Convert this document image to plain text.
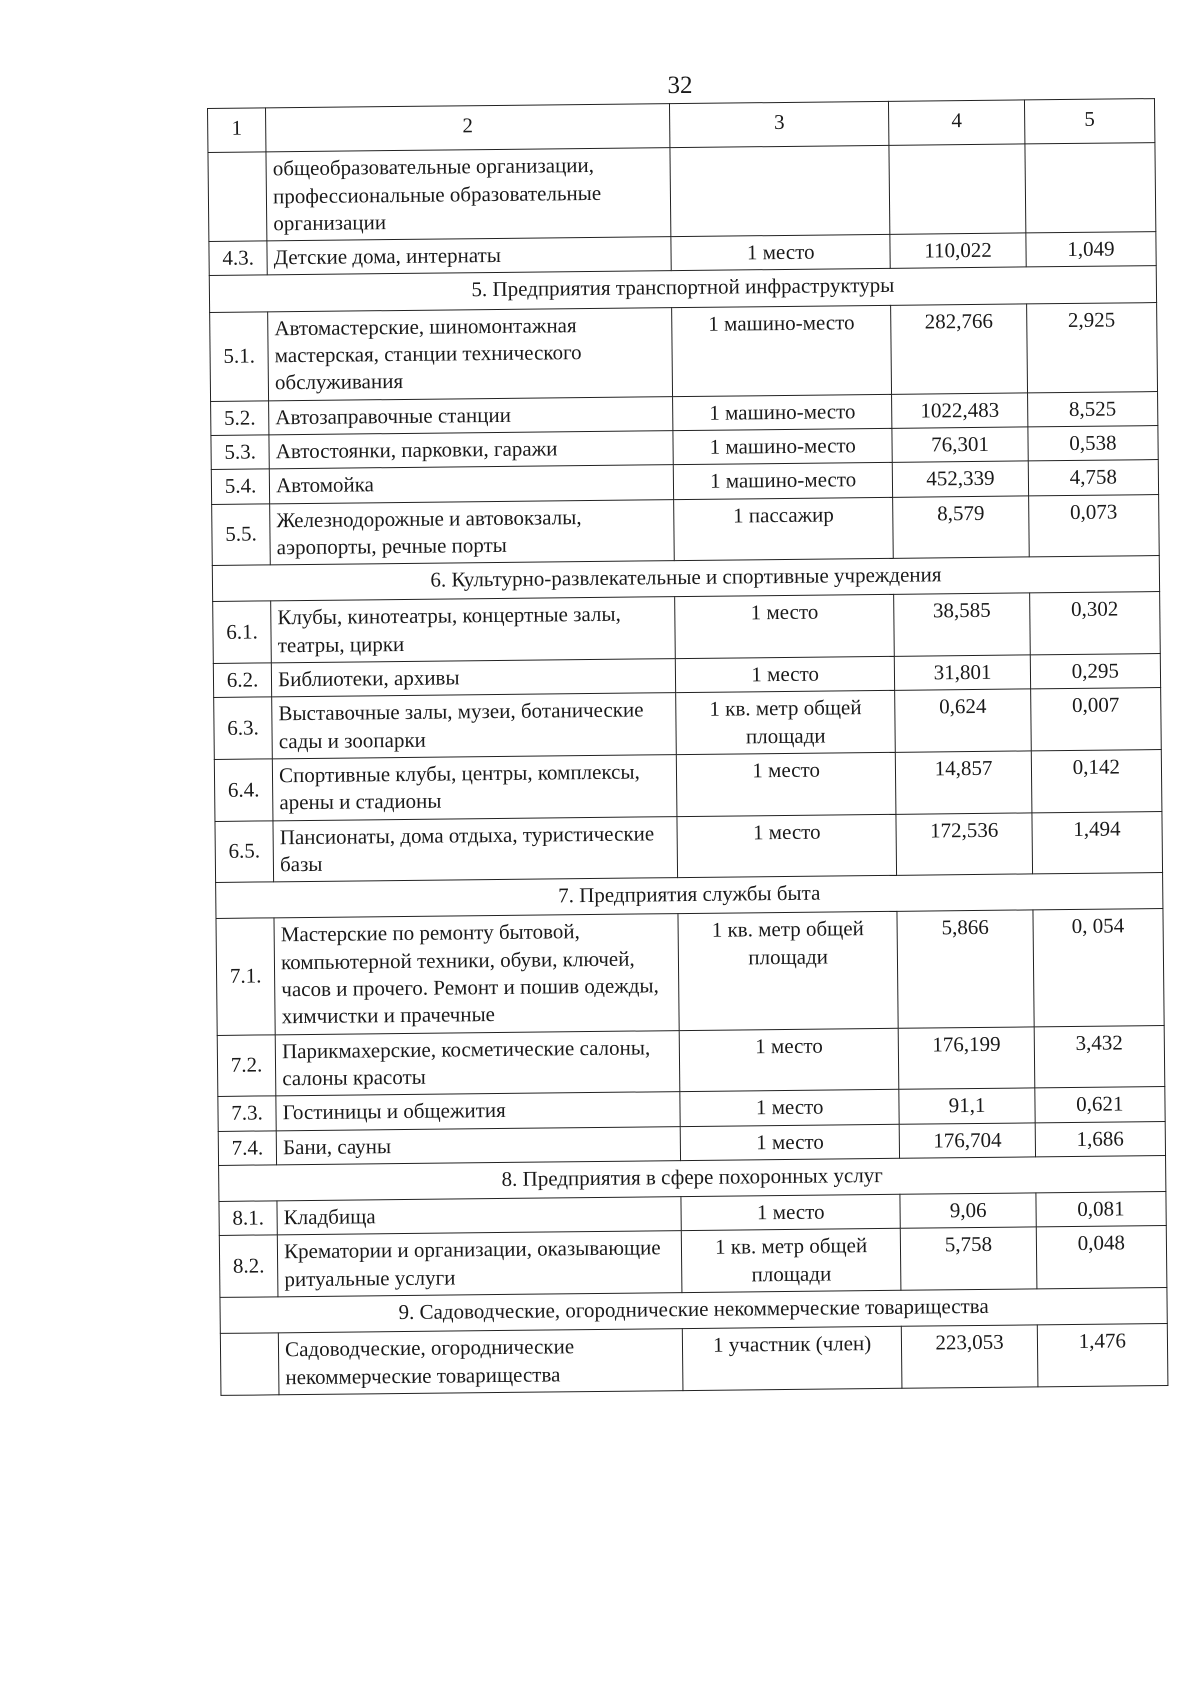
32
1	2	3	4	5
	общеобразовательные организации, профессиональные образовательные организации			
4.3.	Детские дома, интернаты	1 место	110,022	1,049
5. Предприятия транспортной инфраструктуры				
5.1.	Автомастерские, шиномонтажная мастерская, станции технического обслуживания	1 машино-место	282,766	2,925
5.2.	Автозаправочные станции	1 машино-место	1022,483	8,525
5.3.	Автостоянки, парковки, гаражи	1 машино-место	76,301	0,538
5.4.	Автомойка	1 машино-место	452,339	4,758
5.5.	Железнодорожные и автовокзалы, аэропорты, речные порты	1 пассажир	8,579	0,073
6. Культурно-развлекательные и спортивные учреждения				
6.1.	Клубы, кинотеатры, концертные залы, театры, цирки	1 место	38,585	0,302
6.2.	Библиотеки, архивы	1 место	31,801	0,295
6.3.	Выставочные залы, музеи, ботанические сады и зоопарки	1 кв. метр общей площади	0,624	0,007
6.4.	Спортивные клубы, центры, комплексы, арены и стадионы	1 место	14,857	0,142
6.5.	Пансионаты, дома отдыха, туристические базы	1 место	172,536	1,494
7. Предприятия службы быта				
7.1.	Мастерские по ремонту бытовой, компьютерной техники, обуви, ключей, часов и прочего. Ремонт и пошив одежды, химчистки и прачечные	1 кв. метр общей площади	5,866	0, 054
7.2.	Парикмахерские, косметические салоны, салоны красоты	1 место	176,199	3,432
7.3.	Гостиницы и общежития	1 место	91,1	0,621
7.4.	Бани, сауны	1 место	176,704	1,686
8. Предприятия в сфере похоронных услуг				
8.1.	Кладбища	1 место	9,06	0,081
8.2.	Крематории и организации, оказывающие ритуальные услуги	1 кв. метр общей площади	5,758	0,048
9. Садоводческие, огороднические некоммерческие товарищества				
	Садоводческие, огороднические некоммерческие товарищества	1 участник (член)	223,053	1,476
